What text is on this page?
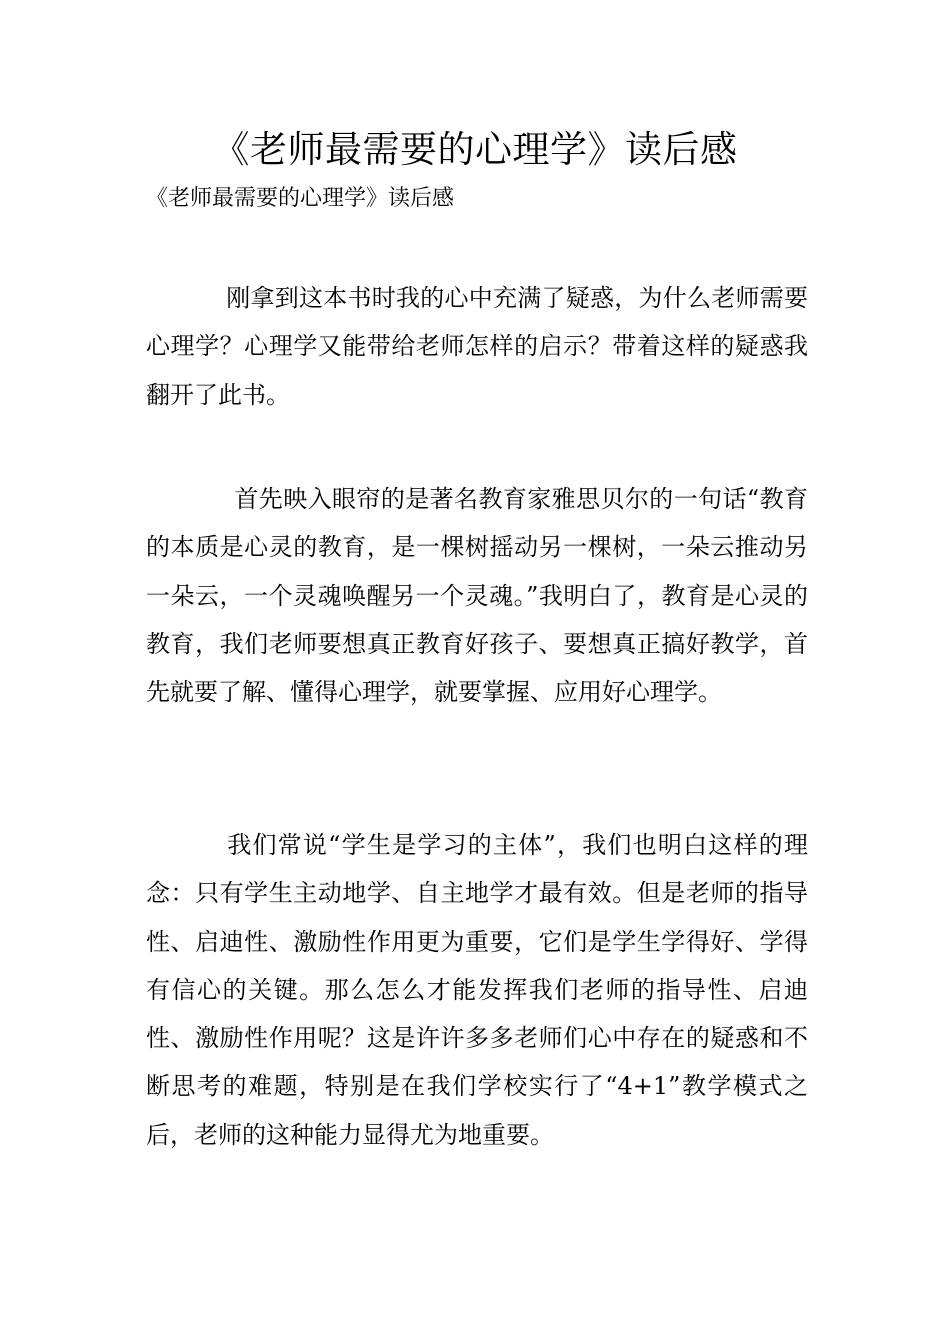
《老师最需要的心理学》读后感
《老师最需要的心理学》读后感

刚拿到这本书时我的心中充满了疑惑，为什么老师需要心理学？心理学又能带给老师怎样的启示？带着这样的疑惑我翻开了此书。

首先映入眼帘的是著名教育家雅思贝尔的一句话“教育的本质是心灵的教育，是一棵树摇动另一棵树，一朵云推动另一朵云，一个灵魂唤醒另一个灵魂。”我明白了，教育是心灵的教育，我们老师要想真正教育好孩子、要想真正搞好教学，首先就要了解、懂得心理学，就要掌握、应用好心理学。

我们常说“学生是学习的主体”，我们也明白这样的理念：只有学生主动地学、自主地学才最有效。但是老师的指导性、启迪性、激励性作用更为重要，它们是学生学得好、学得有信心的关键。那么怎么才能发挥我们老师的指导性、启迪性、激励性作用呢？这是许许多多老师们心中存在的疑惑和不断思考的难题，特别是在我们学校实行了“4+1”教学模式之后，老师的这种能力显得尤为地重要。
